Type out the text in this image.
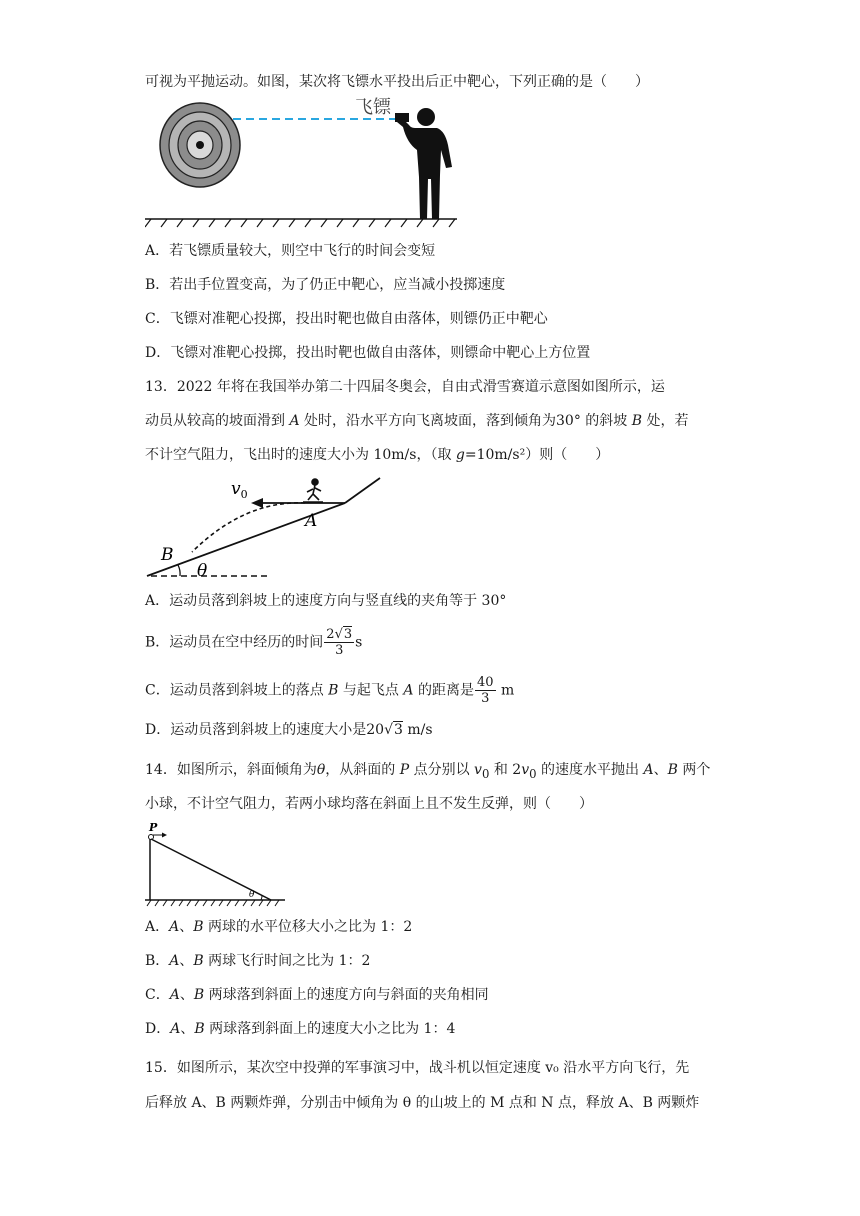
可视为平抛运动。如图，某次将飞镖水平投出后正中靶心，下列正确的是（　　）
飞镖
A．若飞镖质量较大，则空中飞行的时间会变短
B．若出手位置变高，为了仍正中靶心，应当减小投掷速度
C．飞镖对准靶心投掷，投出时靶也做自由落体，则镖仍正中靶心
D．飞镖对准靶心投掷，投出时靶也做自由落体，则镖命中靶心上方位置
13．2022 年将在我国举办第二十四届冬奥会，自由式滑雪赛道示意图如图所示，运
动员从较高的坡面滑到 A 处时，沿水平方向飞离坡面，落到倾角为30° 的斜坡 B 处，若
不计空气阻力，飞出时的速度大小为 10m/s，（取 g=10m/s²）则（　　）
$v_0$
A
B
θ
A．运动员落到斜坡上的速度方向与竖直线的夹角等于 30°
B．运动员在空中经历的时间 $\frac{2√3}{3}$ s
C．运动员落到斜坡上的落点 B 与起飞点 A 的距离是 $\frac{40}{3}$ m
D．运动员落到斜坡上的速度大小是20√3 m/s
14．如图所示，斜面倾角为θ，从斜面的 P 点分别以 $v_0$ 和 $2v_0$ 的速度水平抛出 A、B 两个
小球，不计空气阻力，若两小球均落在斜面上且不发生反弹，则（　　）
P
θ
A．A、B 两球的水平位移大小之比为 1：2
B．A、B 两球飞行时间之比为 1：2
C．A、B 两球落到斜面上的速度方向与斜面的夹角相同
D．A、B 两球落到斜面上的速度大小之比为 1：4
15．如图所示，某次空中投弹的军事演习中，战斗机以恒定速度 v₀ 沿水平方向飞行，先
后释放 A、B 两颗炸弹，分别击中倾角为 θ 的山坡上的 M 点和 N 点，释放 A、B 两颗炸
